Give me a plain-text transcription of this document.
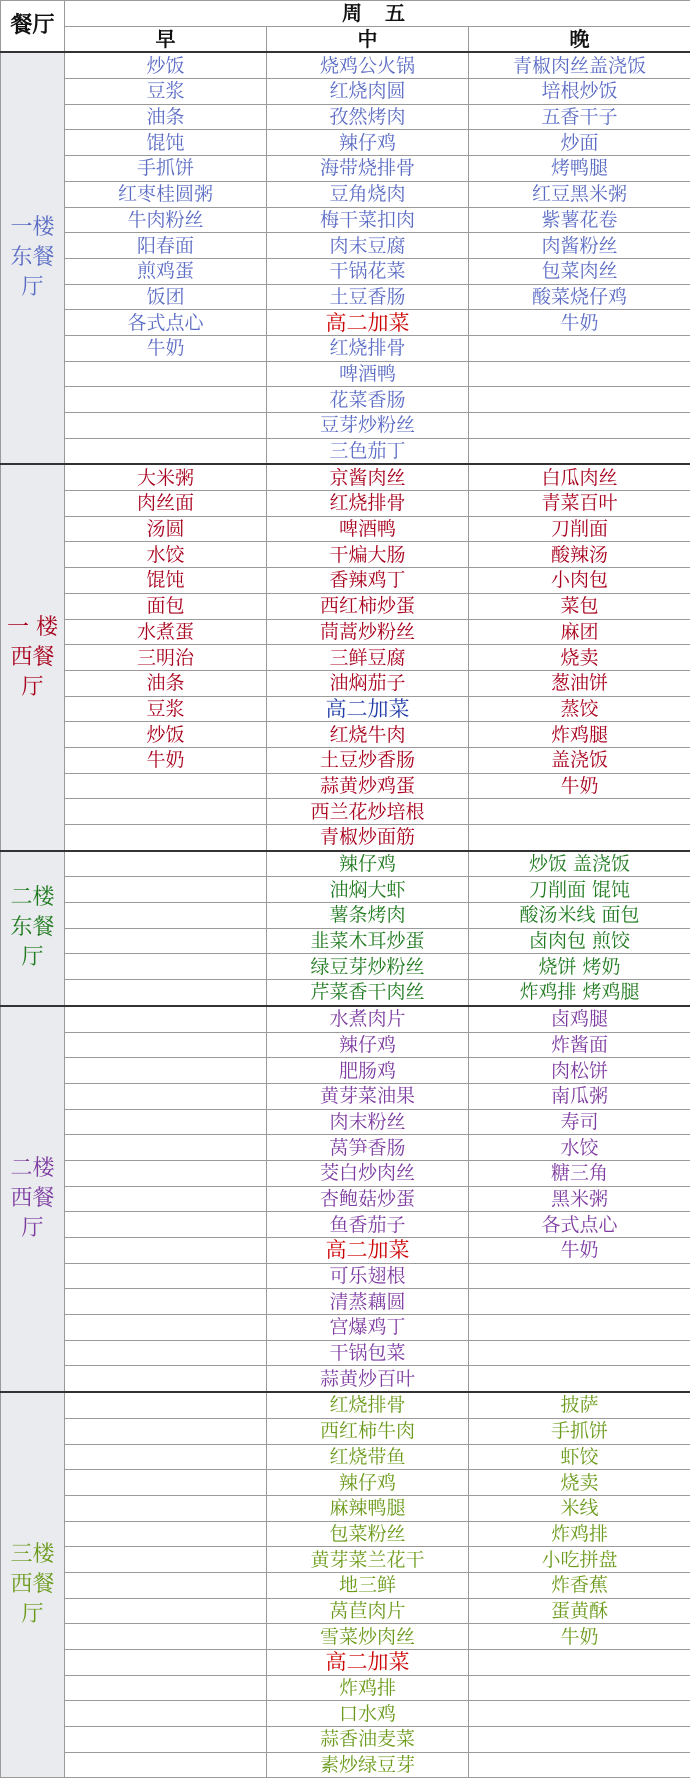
餐厅	周 五		
	早	中	晚
一楼东餐厅	炒饭	烧鸡公火锅	青椒肉丝盖浇饭
	豆浆	红烧肉圆	培根炒饭
	油条	孜然烤肉	五香干子
	馄饨	辣仔鸡	炒面
	手抓饼	海带烧排骨	烤鸭腿
	红枣桂圆粥	豆角烧肉	红豆黑米粥
	牛肉粉丝	梅干菜扣肉	紫薯花卷
	阳春面	肉末豆腐	肉酱粉丝
	煎鸡蛋	干锅花菜	包菜肉丝
	饭团	土豆香肠	酸菜烧仔鸡
	各式点心	高二加菜	牛奶
	牛奶	红烧排骨	
		啤酒鸭	
		花菜香肠	
		豆芽炒粉丝	
		三色茄丁	
一 楼西餐厅	大米粥	京酱肉丝	白瓜肉丝
	肉丝面	红烧排骨	青菜百叶
	汤圆	啤酒鸭	刀削面
	水饺	干煸大肠	酸辣汤
	馄饨	香辣鸡丁	小肉包
	面包	西红柿炒蛋	菜包
	水煮蛋	茼蒿炒粉丝	麻团
	三明治	三鲜豆腐	烧卖
	油条	油焖茄子	葱油饼
	豆浆	高二加菜	蒸饺
	炒饭	红烧牛肉	炸鸡腿
	牛奶	土豆炒香肠	盖浇饭
		蒜黄炒鸡蛋	牛奶
		西兰花炒培根	
		青椒炒面筋	
二楼东餐厅		辣仔鸡	炒饭 盖浇饭
		油焖大虾	刀削面 馄饨
		薯条烤肉	酸汤米线 面包
		韭菜木耳炒蛋	卤肉包 煎饺
		绿豆芽炒粉丝	烧饼 烤奶
		芹菜香干肉丝	炸鸡排 烤鸡腿
二楼西餐厅		水煮肉片	卤鸡腿
		辣仔鸡	炸酱面
		肥肠鸡	肉松饼
		黄芽菜油果	南瓜粥
		肉末粉丝	寿司
		莴笋香肠	水饺
		茭白炒肉丝	糖三角
		杏鲍菇炒蛋	黑米粥
		鱼香茄子	各式点心
		高二加菜	牛奶
		可乐翅根	
		清蒸藕圆	
		宫爆鸡丁	
		干锅包菜	
		蒜黄炒百叶	
三楼西餐厅		红烧排骨	披萨
		西红柿牛肉	手抓饼
		红烧带鱼	虾饺
		辣仔鸡	烧卖
		麻辣鸭腿	米线
		包菜粉丝	炸鸡排
		黄芽菜兰花干	小吃拼盘
		地三鲜	炸香蕉
		莴苣肉片	蛋黄酥
		雪菜炒肉丝	牛奶
		高二加菜	
		炸鸡排	
		口水鸡	
		蒜香油麦菜	
		素炒绿豆芽	
